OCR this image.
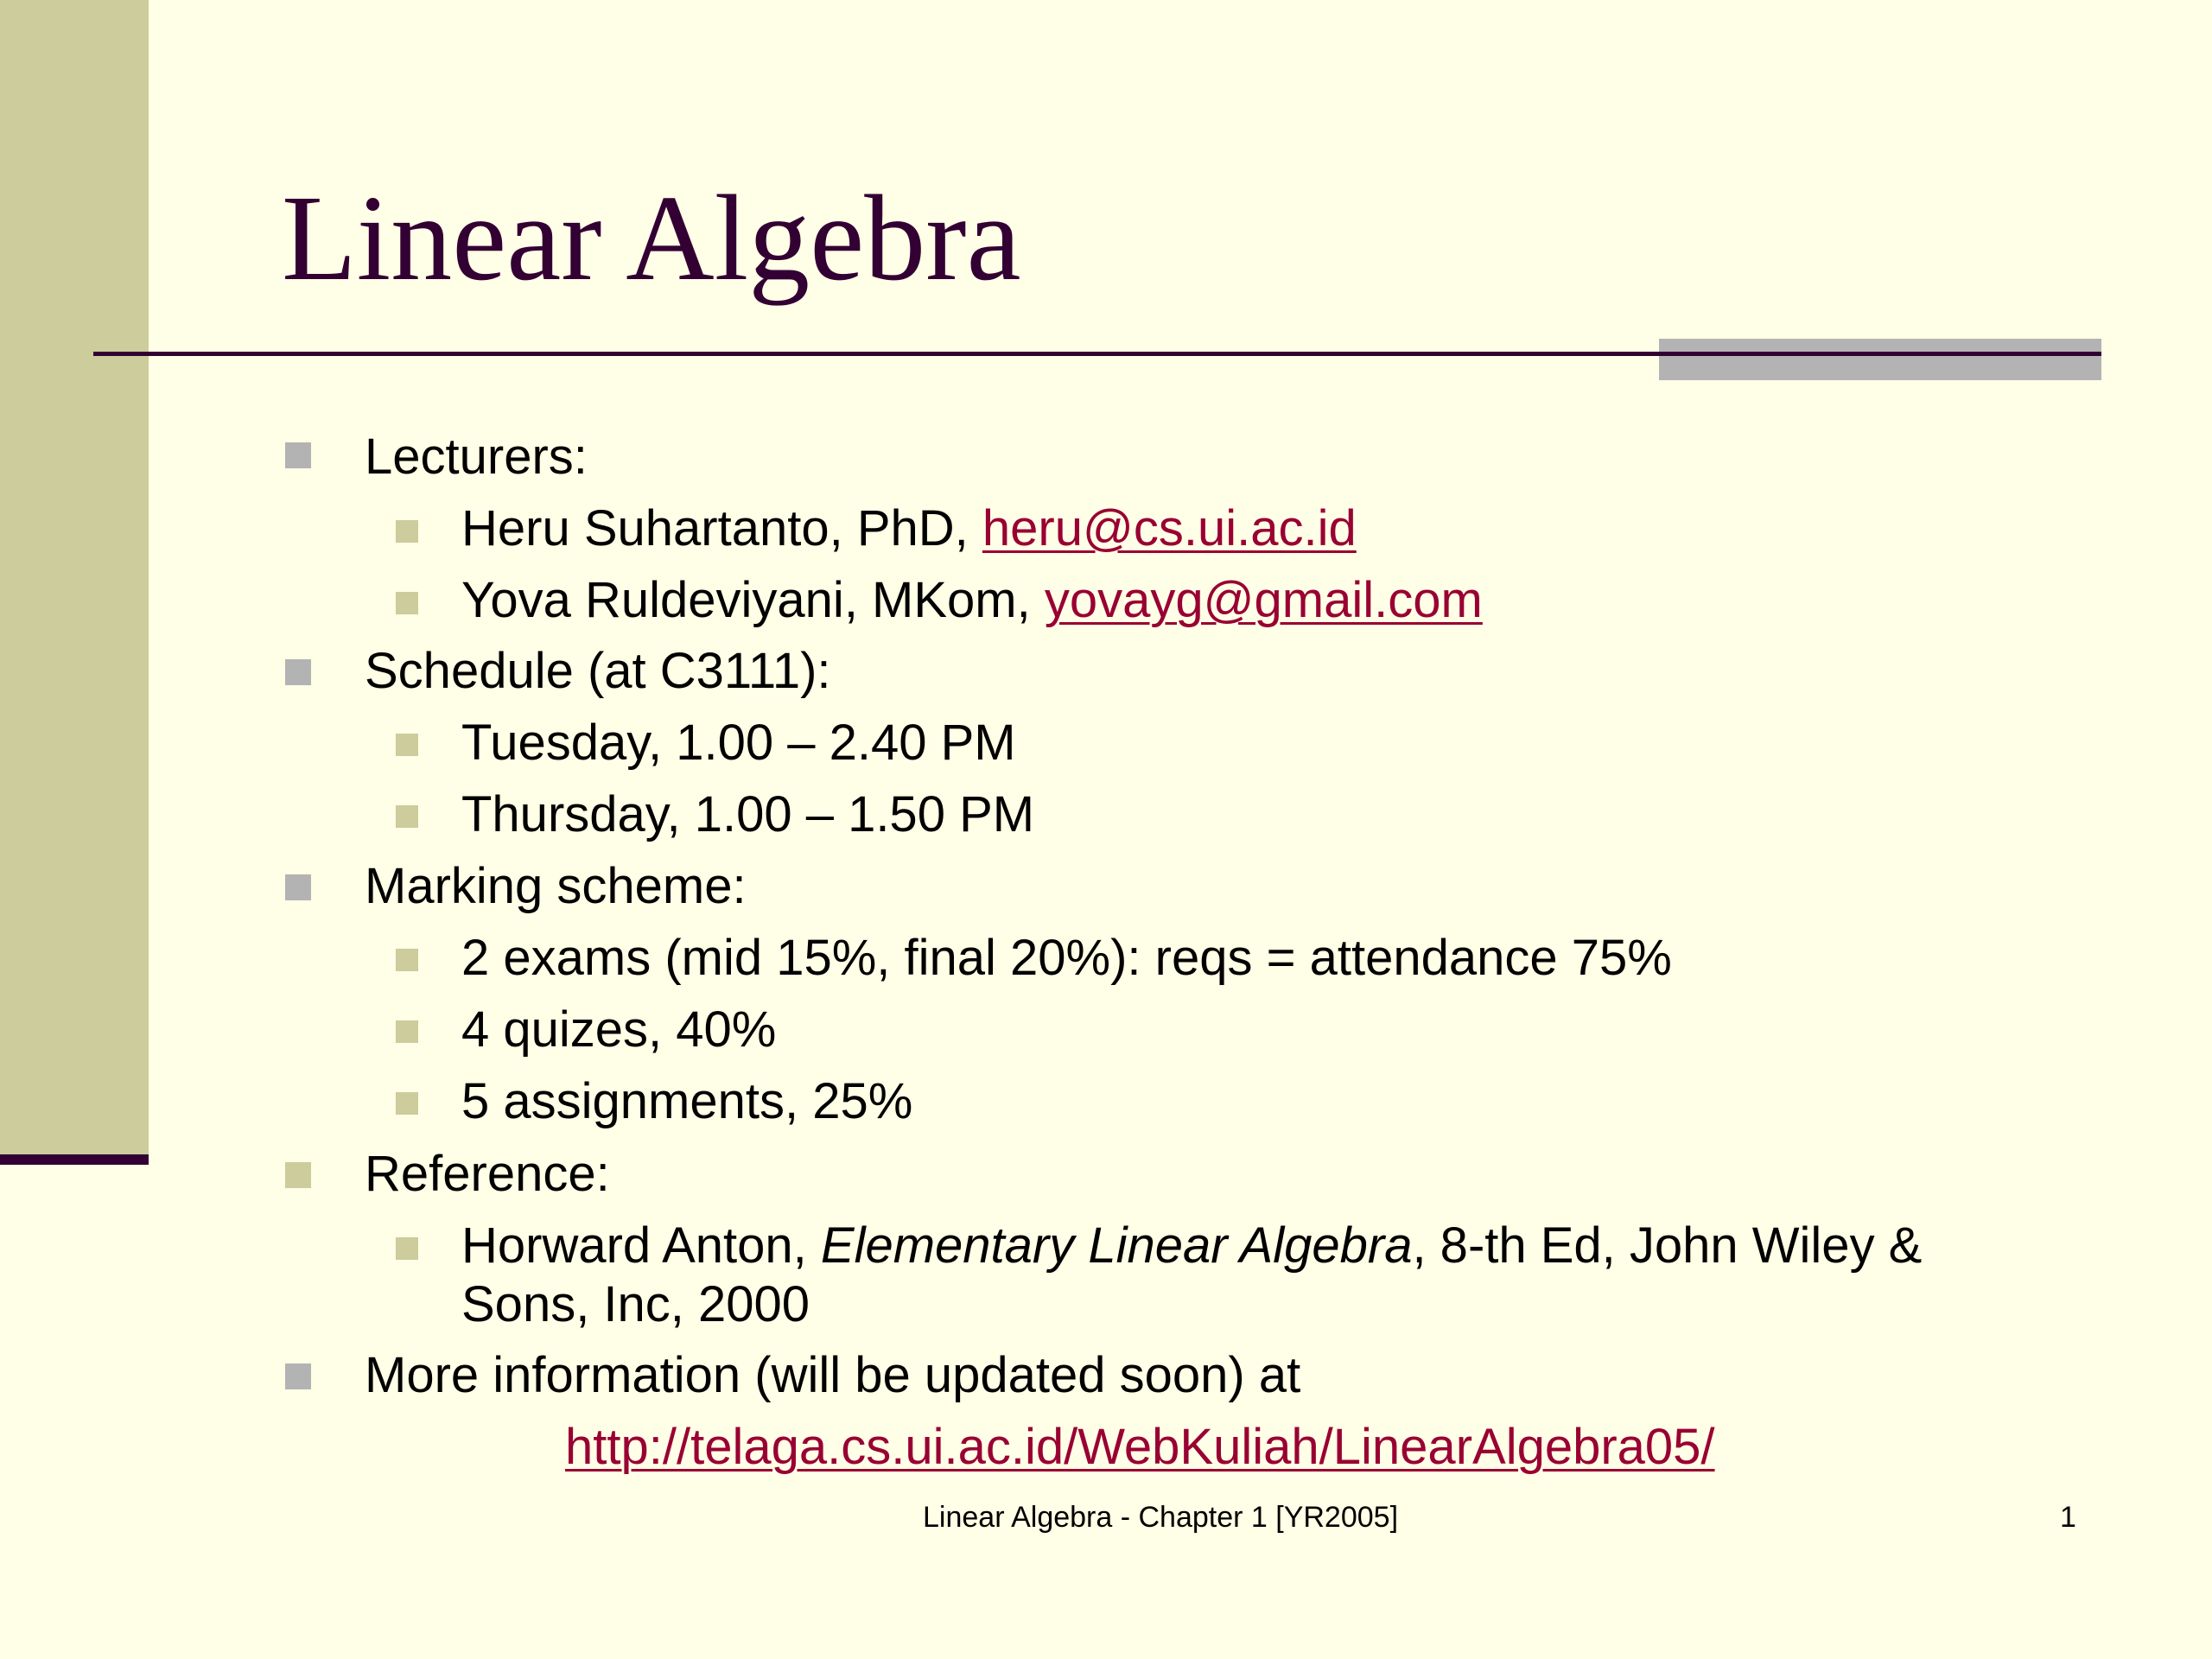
Linear Algebra
Lecturers:
Heru Suhartanto, PhD, heru@cs.ui.ac.id
Yova Ruldeviyani, MKom, yovayg@gmail.com
Schedule (at C3111):
Tuesday, 1.00 – 2.40 PM
Thursday, 1.00 – 1.50 PM
Marking scheme:
2 exams (mid 15%, final 20%): reqs = attendance 75%
4 quizes, 40%
5 assignments, 25%
Reference:
Horward Anton, Elementary Linear Algebra, 8-th Ed, John Wiley &
Sons, Inc, 2000
More information (will be updated soon) at
http://telaga.cs.ui.ac.id/WebKuliah/LinearAlgebra05/
Linear Algebra - Chapter 1 [YR2005]	1
